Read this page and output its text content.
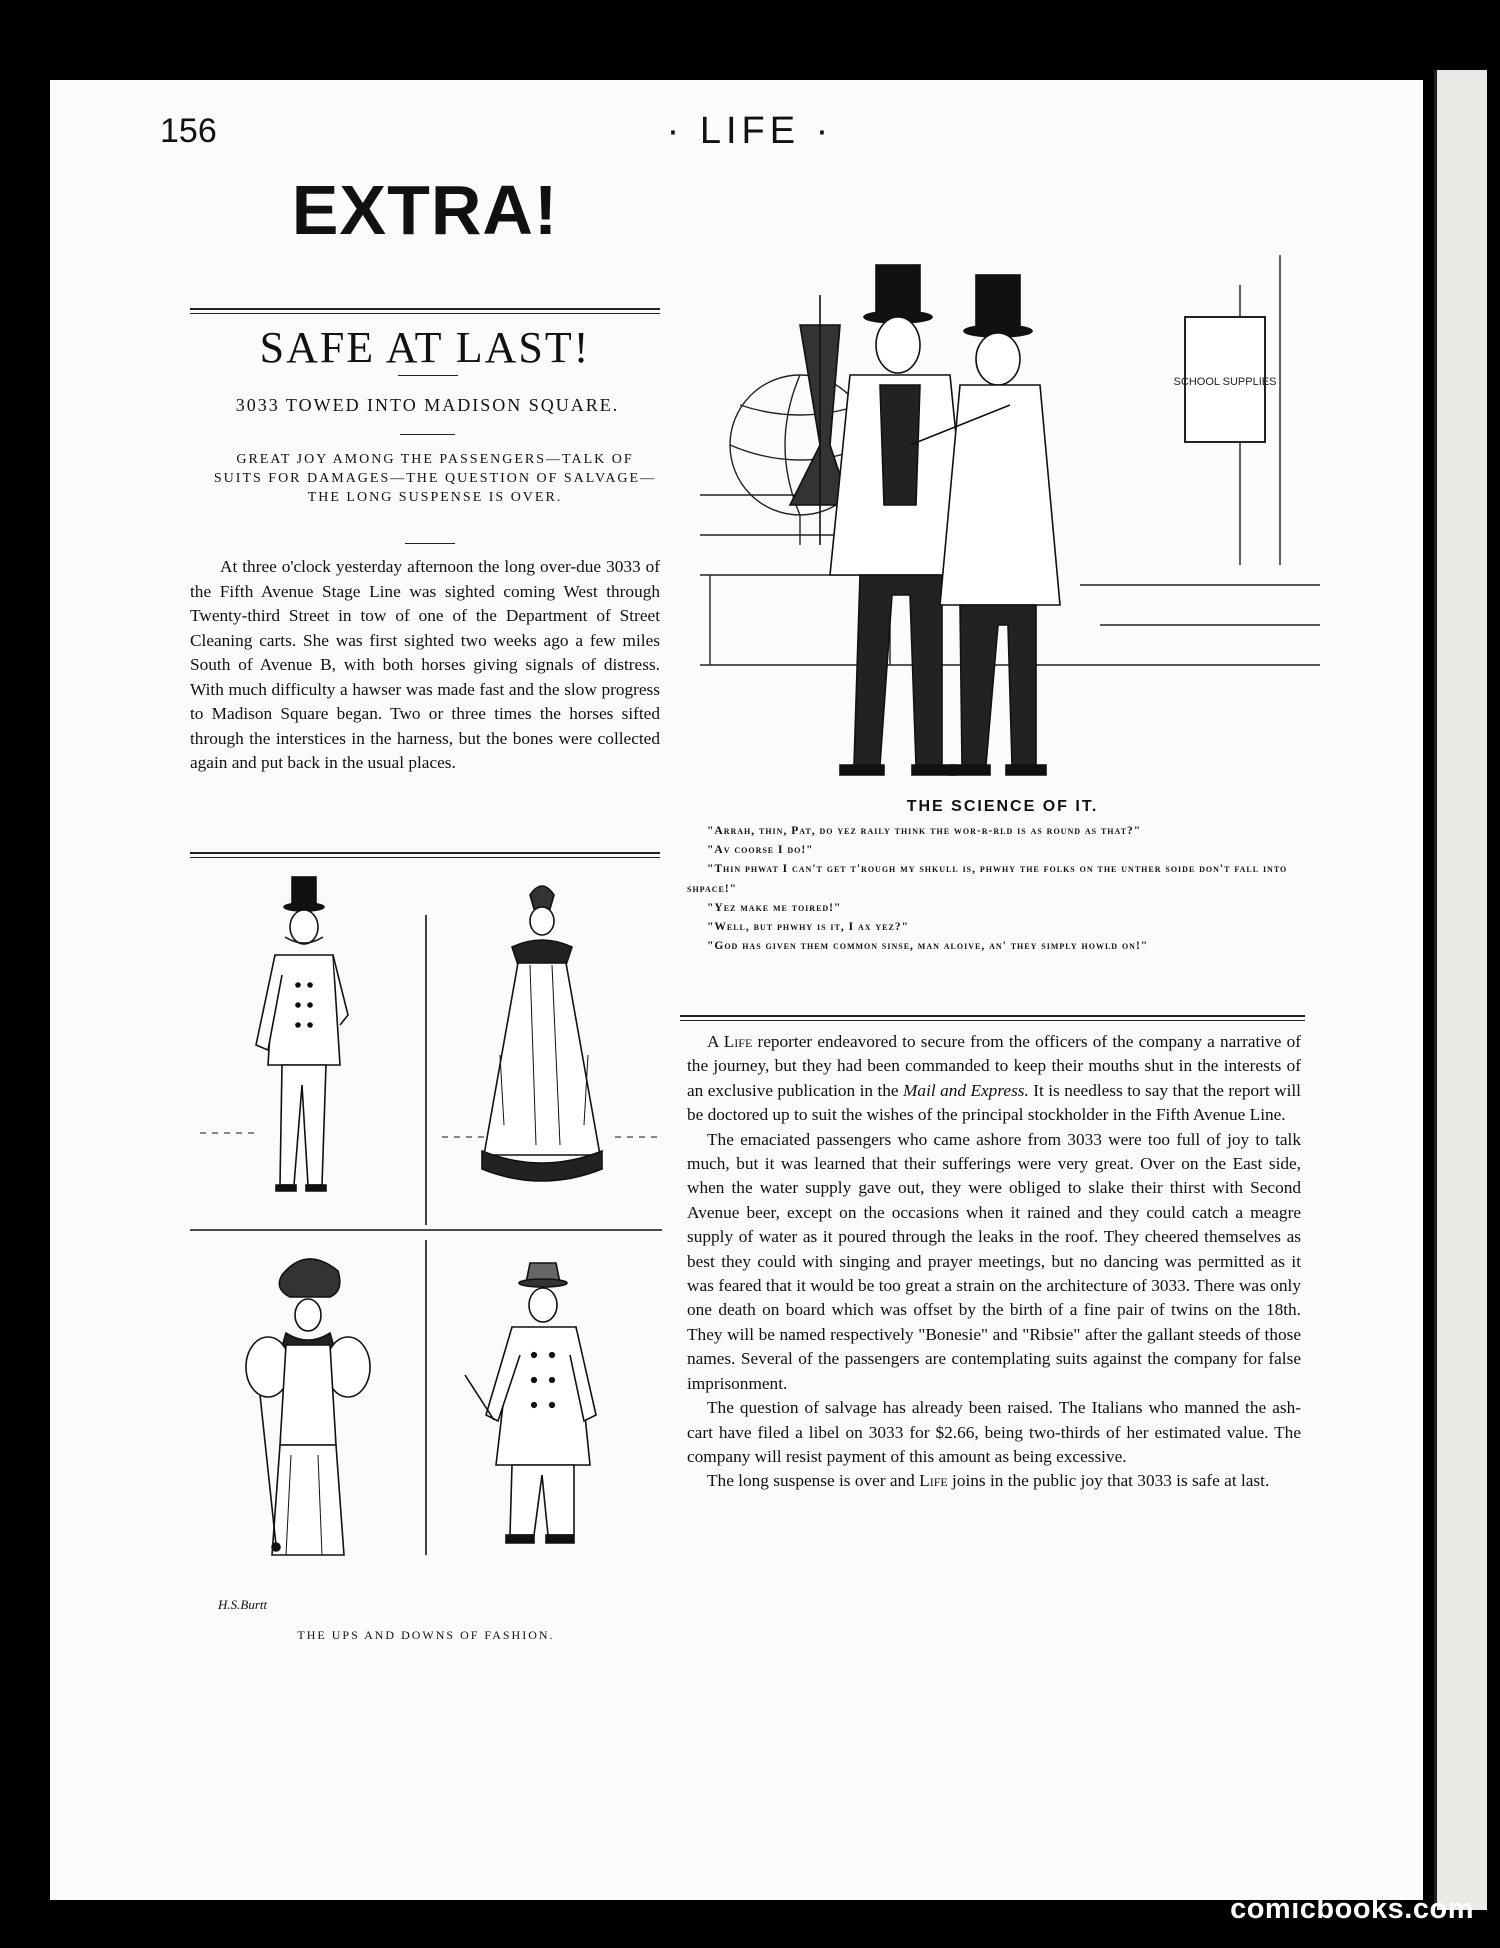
156	· LIFE ·
EXTRA!
SAFE AT LAST!
3033 TOWED INTO MADISON SQUARE.
GREAT JOY AMONG THE PASSENGERS—TALK OF SUITS FOR DAMAGES—THE QUESTION OF SALVAGE—THE LONG SUSPENSE IS OVER.
At three o'clock yesterday afternoon the long over-due 3033 of the Fifth Avenue Stage Line was sighted coming West through Twenty-third Street in tow of one of the Department of Street Cleaning carts. She was first sighted two weeks ago a few miles South of Avenue B, with both horses giving signals of distress. With much difficulty a hawser was made fast and the slow progress to Madison Square began. Two or three times the horses sifted through the interstices in the harness, but the bones were collected again and put back in the usual places.
H.S.Burtt
THE UPS AND DOWNS OF FASHION.
SCHOOL SUPPLIES
THE SCIENCE OF IT.

"Arrah, thin, Pat, do yez raily think the wor-r-rld is as round as that?"

"Av coorse I do!"

"Thin phwat I can't get t'rough my shkull is, phwhy the folks on the unther soide don't fall into shpace!"

"Yez make me toired!"

"Well, but phwhy is it, I ax yez?"

"God has given them common sinse, man aloive, an' they simply howld on!"

A Life reporter endeavored to secure from the officers of the company a narrative of the journey, but they had been commanded to keep their mouths shut in the interests of an exclusive publication in the Mail and Express. It is needless to say that the report will be doctored up to suit the wishes of the principal stockholder in the Fifth Avenue Line.

The emaciated passengers who came ashore from 3033 were too full of joy to talk much, but it was learned that their sufferings were very great. Over on the East side, when the water supply gave out, they were obliged to slake their thirst with Second Avenue beer, except on the occasions when it rained and they could catch a meagre supply of water as it poured through the leaks in the roof. They cheered themselves as best they could with singing and prayer meetings, but no dancing was permitted as it was feared that it would be too great a strain on the architecture of 3033. There was only one death on board which was offset by the birth of a fine pair of twins on the 18th. They will be named respectively "Bonesie" and "Ribsie" after the gallant steeds of those names. Several of the passengers are contemplating suits against the company for false imprisonment.

The question of salvage has already been raised. The Italians who manned the ash-cart have filed a libel on 3033 for $2.66, being two-thirds of her estimated value. The company will resist payment of this amount as being excessive.

The long suspense is over and Life joins in the public joy that 3033 is safe at last.

comicbooks.com
